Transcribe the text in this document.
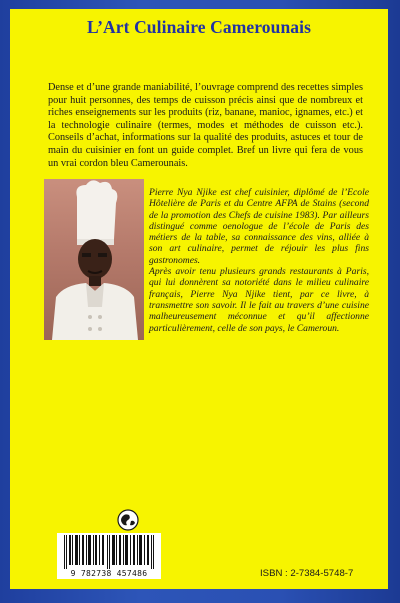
L’Art Culinaire Camerounais
Dense et d’une grande maniabilité, l’ouvrage comprend des recettes simples pour huit personnes, des temps de cuisson précis ainsi que de nombreux et riches enseignements sur les produits (riz, banane, manioc, ignames, etc.) et la technologie culinaire (termes, modes et méthodes de cuisson etc.). Conseils d’achat, informations sur la qualité des produits, astuces et tour de main du cuisinier en font un guide complet. Bref un livre qui fera de vous un vrai cordon bleu Camerounais.

Pierre Nya Njike est chef cuisinier, diplômé de l’Ecole Hôtelière de Paris et du Centre AFPA de Stains (second de la promotion des Chefs de cuisine 1983). Par ailleurs distingué comme oenologue de l’école de Paris des métiers de la table, sa connaissance des vins, alliée à son art culinaire, permet de réjouir les plus fins gastronomes.

Après avoir tenu plusieurs grands restaurants à Paris, qui lui donnèrent sa notoriété dans le milieu culinaire français, Pierre Nya Njike tient, par ce livre, à transmettre son savoir. Il le fait au travers d’une cuisine malheureusement méconnue et qu’il affectionne particulièrement, celle de son pays, le Cameroun.

9 782738 457486	ISBN : 2-7384-5748-7
